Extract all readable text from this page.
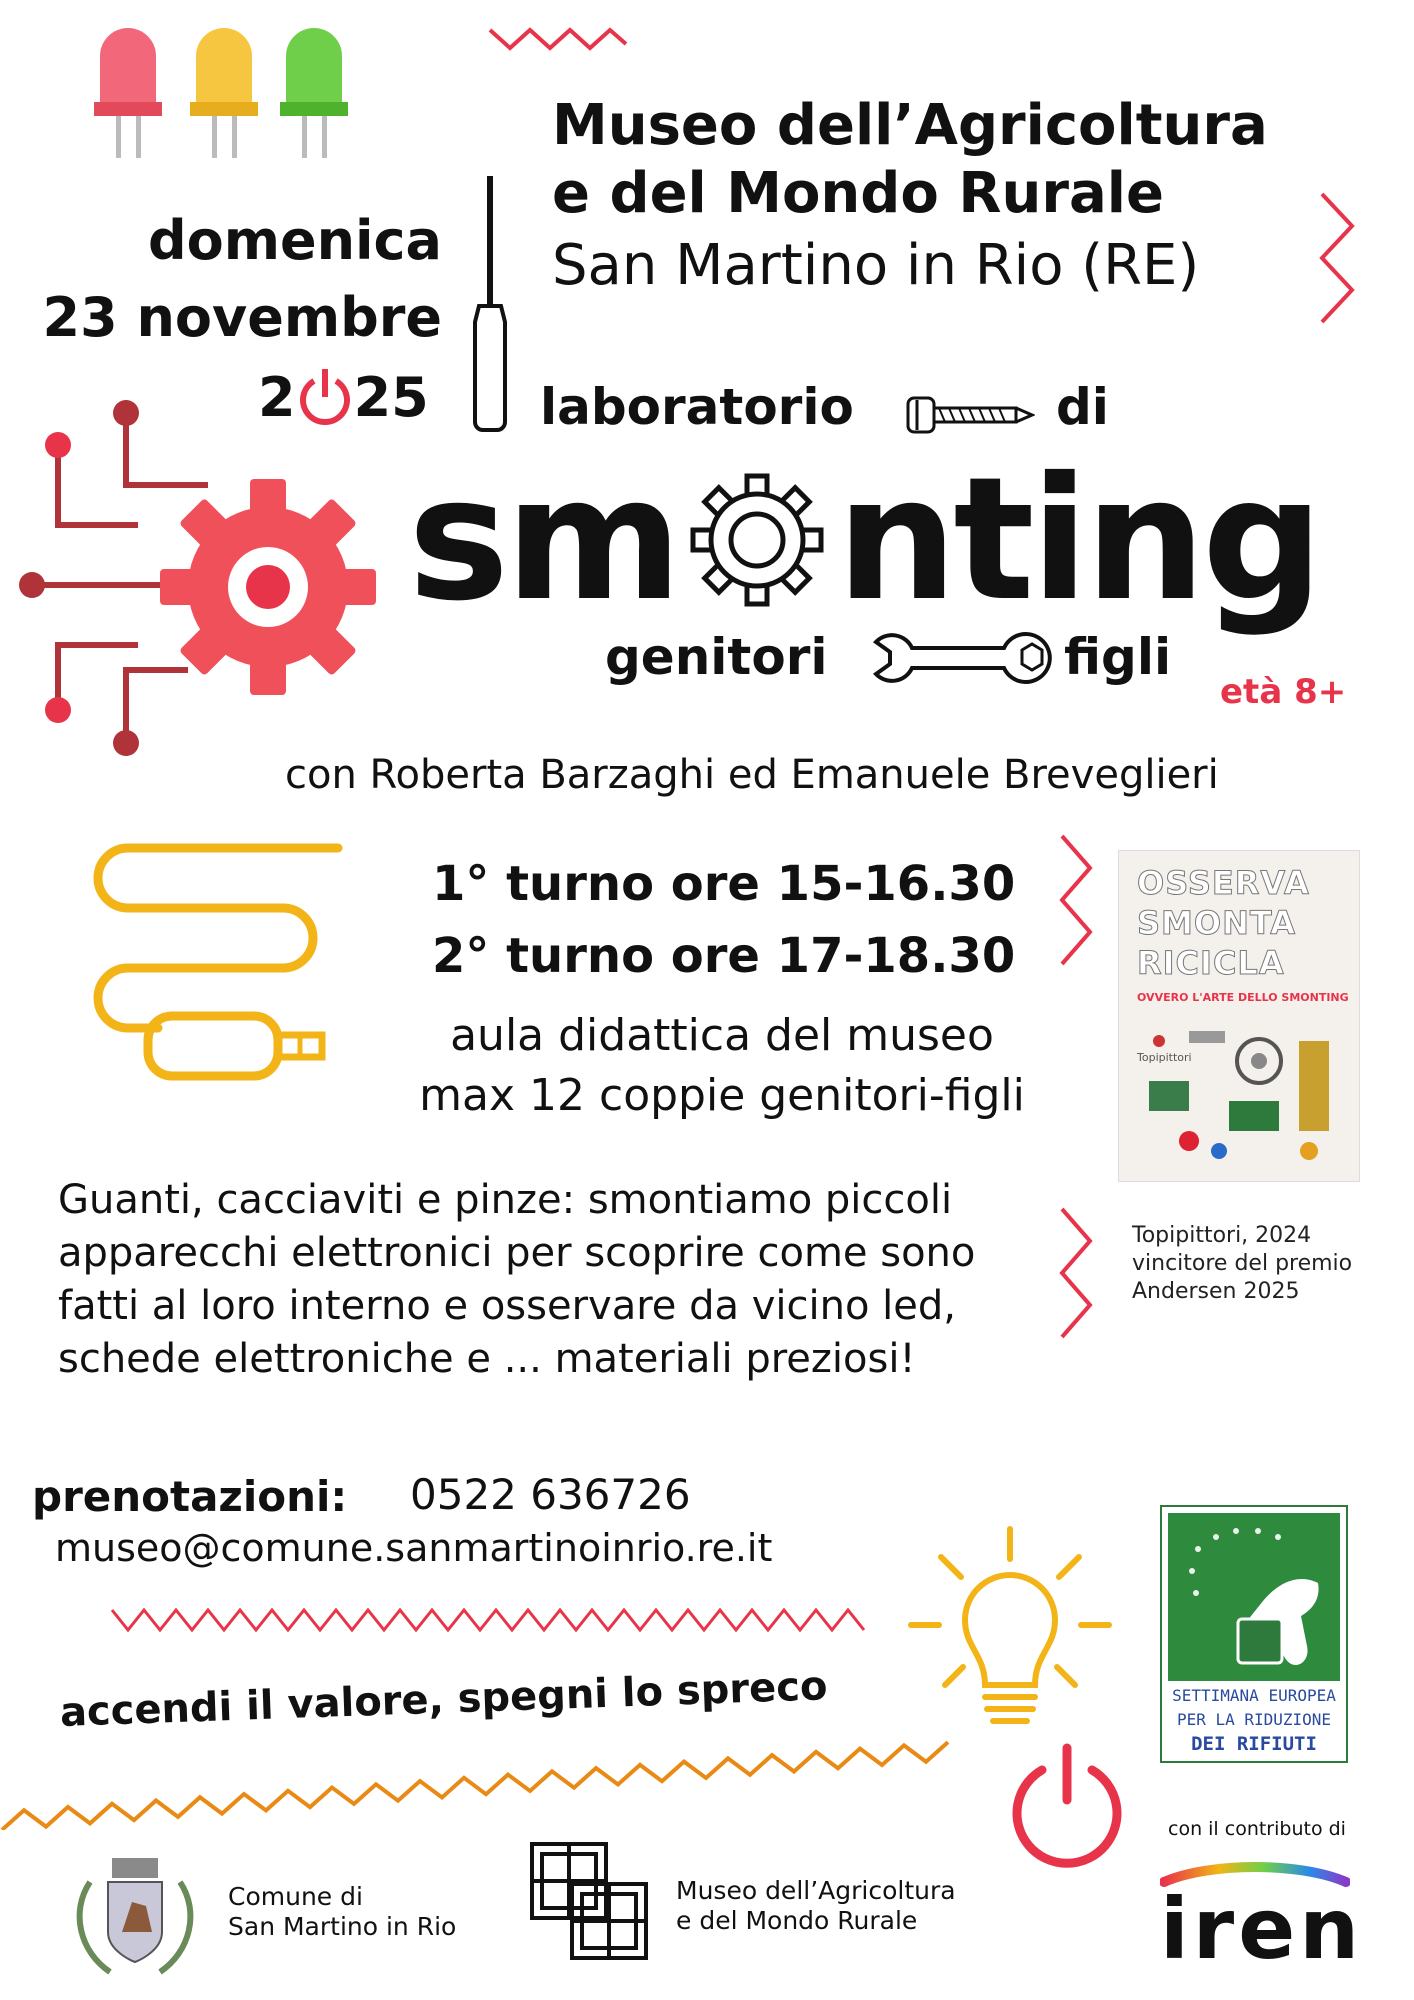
Museo dell’Agricoltura
e del Mondo Rurale
San Martino in Rio (RE)
domenica
23 novembre
2 25 laboratorio	di
sm nting
genitori	figli
età 8+
con Roberta Barzaghi ed Emanuele Breveglieri
1° turno ore 15-16.30
2° turno ore 17-18.30
aula didattica del museo
max 12 coppie genitori-figli
OSSERVA
SMONTA
RICICLA
OVVERO L'ARTE DELLO SMONTING
Topipittori
Topipittori, 2024
vincitore del premio
Andersen 2025
Guanti, cacciaviti e pinze: smontiamo piccoli
apparecchi elettronici per scoprire come sono
fatti al loro interno e osservare da vicino led,
schede elettroniche e ... materiali preziosi!
prenotazioni: 0522 636726
museo@comune.sanmartinoinrio.re.it
accendi il valore, spegni lo spreco	SETTIMANA EUROPEA
PER LA RIDUZIONE
DEI RIFIUTI
con il contributo di
iren
Comune di
San Martino in Rio
Museo dell’Agricoltura
e del Mondo Rurale
